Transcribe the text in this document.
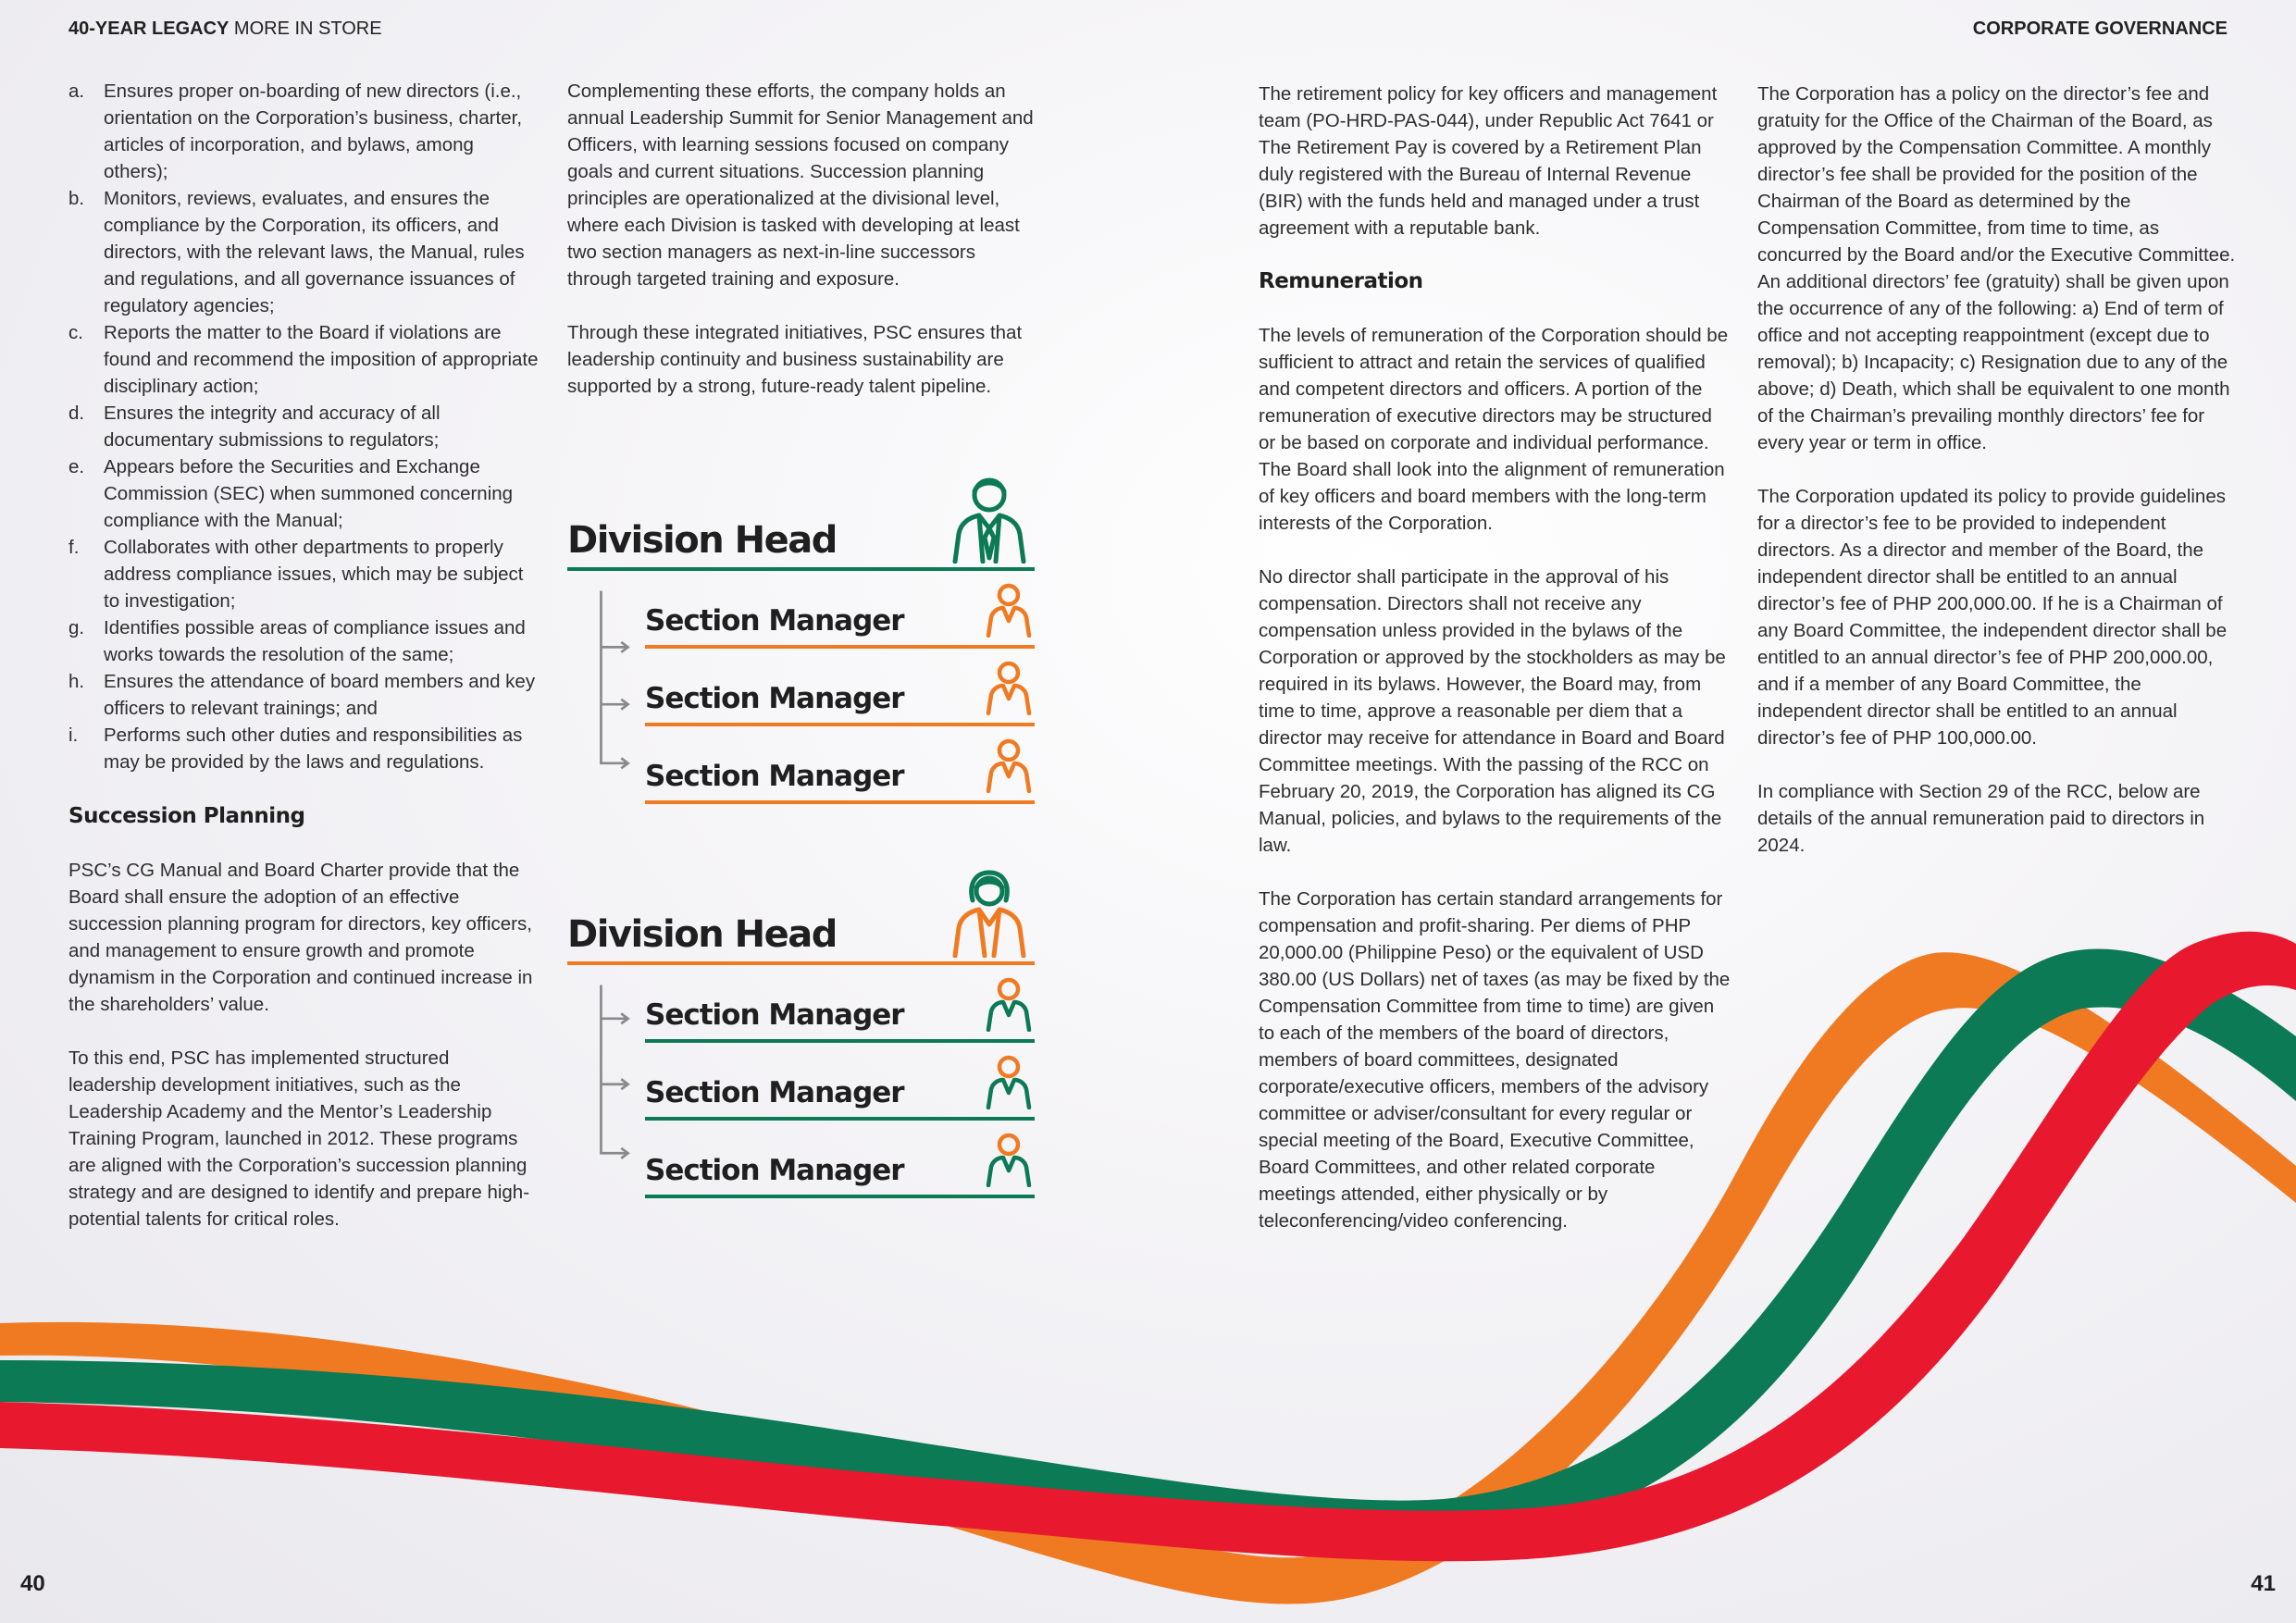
40-YEAR LEGACY MORE IN STORE	CORPORATE GOVERNANCE
a. Ensures proper on-boarding of new directors (i.e., orientation on the Corporation’s business, charter, articles of incorporation, and bylaws, among others);
b. Monitors, reviews, evaluates, and ensures the compliance by the Corporation, its officers, and directors, with the relevant laws, the Manual, rules and regulations, and all governance issuances of regulatory agencies;
c. Reports the matter to the Board if violations are found and recommend the imposition of appropriate disciplinary action;
d. Ensures the integrity and accuracy of all documentary submissions to regulators;
e. Appears before the Securities and Exchange Commission (SEC) when summoned concerning compliance with the Manual;
f. Collaborates with other departments to properly address compliance issues, which may be subject to investigation;
g. Identifies possible areas of compliance issues and works towards the resolution of the same;
h. Ensures the attendance of board members and key officers to relevant trainings; and
i. Performs such other duties and responsibilities as may be provided by the laws and regulations.
Succession Planning

PSC’s CG Manual and Board Charter provide that the Board shall ensure the adoption of an effective succession planning program for directors, key officers, and management to ensure growth and promote dynamism in the Corporation and continued increase in the shareholders’ value.

To this end, PSC has implemented structured leadership development initiatives, such as the Leadership Academy and the Mentor’s Leadership Training Program, launched in 2012. These programs are aligned with the Corporation’s succession planning strategy and are designed to identify and prepare high-potential talents for critical roles.

Complementing these efforts, the company holds an annual Leadership Summit for Senior Management and Officers, with learning sessions focused on company goals and current situations. Succession planning principles are operationalized at the divisional level, where each Division is tasked with developing at least two section managers as next-in-line successors through targeted training and exposure.

Through these integrated initiatives, PSC ensures that leadership continuity and business sustainability are supported by a strong, future-ready talent pipeline.

Division Head
Section Manager
Section Manager
Section Manager
Division Head
Section Manager
Section Manager
Section Manager

The retirement policy for key officers and management team (PO-HRD-PAS-044), under Republic Act 7641 or The Retirement Pay is covered by a Retirement Plan duly registered with the Bureau of Internal Revenue (BIR) with the funds held and managed under a trust agreement with a reputable bank.

Remuneration

The levels of remuneration of the Corporation should be sufficient to attract and retain the services of qualified and competent directors and officers. A portion of the remuneration of executive directors may be structured or be based on corporate and individual performance. The Board shall look into the alignment of remuneration of key officers and board members with the long-term interests of the Corporation.

No director shall participate in the approval of his compensation. Directors shall not receive any compensation unless provided in the bylaws of the Corporation or approved by the stockholders as may be required in its bylaws. However, the Board may, from time to time, approve a reasonable per diem that a director may receive for attendance in Board and Board Committee meetings. With the passing of the RCC on February 20, 2019, the Corporation has aligned its CG Manual, policies, and bylaws to the requirements of the law.

The Corporation has certain standard arrangements for compensation and profit-sharing. Per diems of PHP 20,000.00 (Philippine Peso) or the equivalent of USD 380.00 (US Dollars) net of taxes (as may be fixed by the Compensation Committee from time to time) are given to each of the members of the board of directors, members of board committees, designated corporate/executive officers, members of the advisory committee or adviser/consultant for every regular or special meeting of the Board, Executive Committee, Board Committees, and other related corporate meetings attended, either physically or by teleconferencing/video conferencing.

The Corporation has a policy on the director’s fee and gratuity for the Office of the Chairman of the Board, as approved by the Compensation Committee. A monthly director’s fee shall be provided for the position of the Chairman of the Board as determined by the Compensation Committee, from time to time, as concurred by the Board and/or the Executive Committee. An additional directors’ fee (gratuity) shall be given upon the occurrence of any of the following: a) End of term of office and not accepting reappointment (except due to removal); b) Incapacity; c) Resignation due to any of the above; d) Death, which shall be equivalent to one month of the Chairman’s prevailing monthly directors’ fee for every year or term in office.

The Corporation updated its policy to provide guidelines for a director’s fee to be provided to independent directors. As a director and member of the Board, the independent director shall be entitled to an annual director’s fee of PHP 200,000.00. If he is a Chairman of any Board Committee, the independent director shall be entitled to an annual director’s fee of PHP 200,000.00, and if a member of any Board Committee, the independent director shall be entitled to an annual director’s fee of PHP 100,000.00.

In compliance with Section 29 of the RCC, below are details of the annual remuneration paid to directors in 2024.

40	41
